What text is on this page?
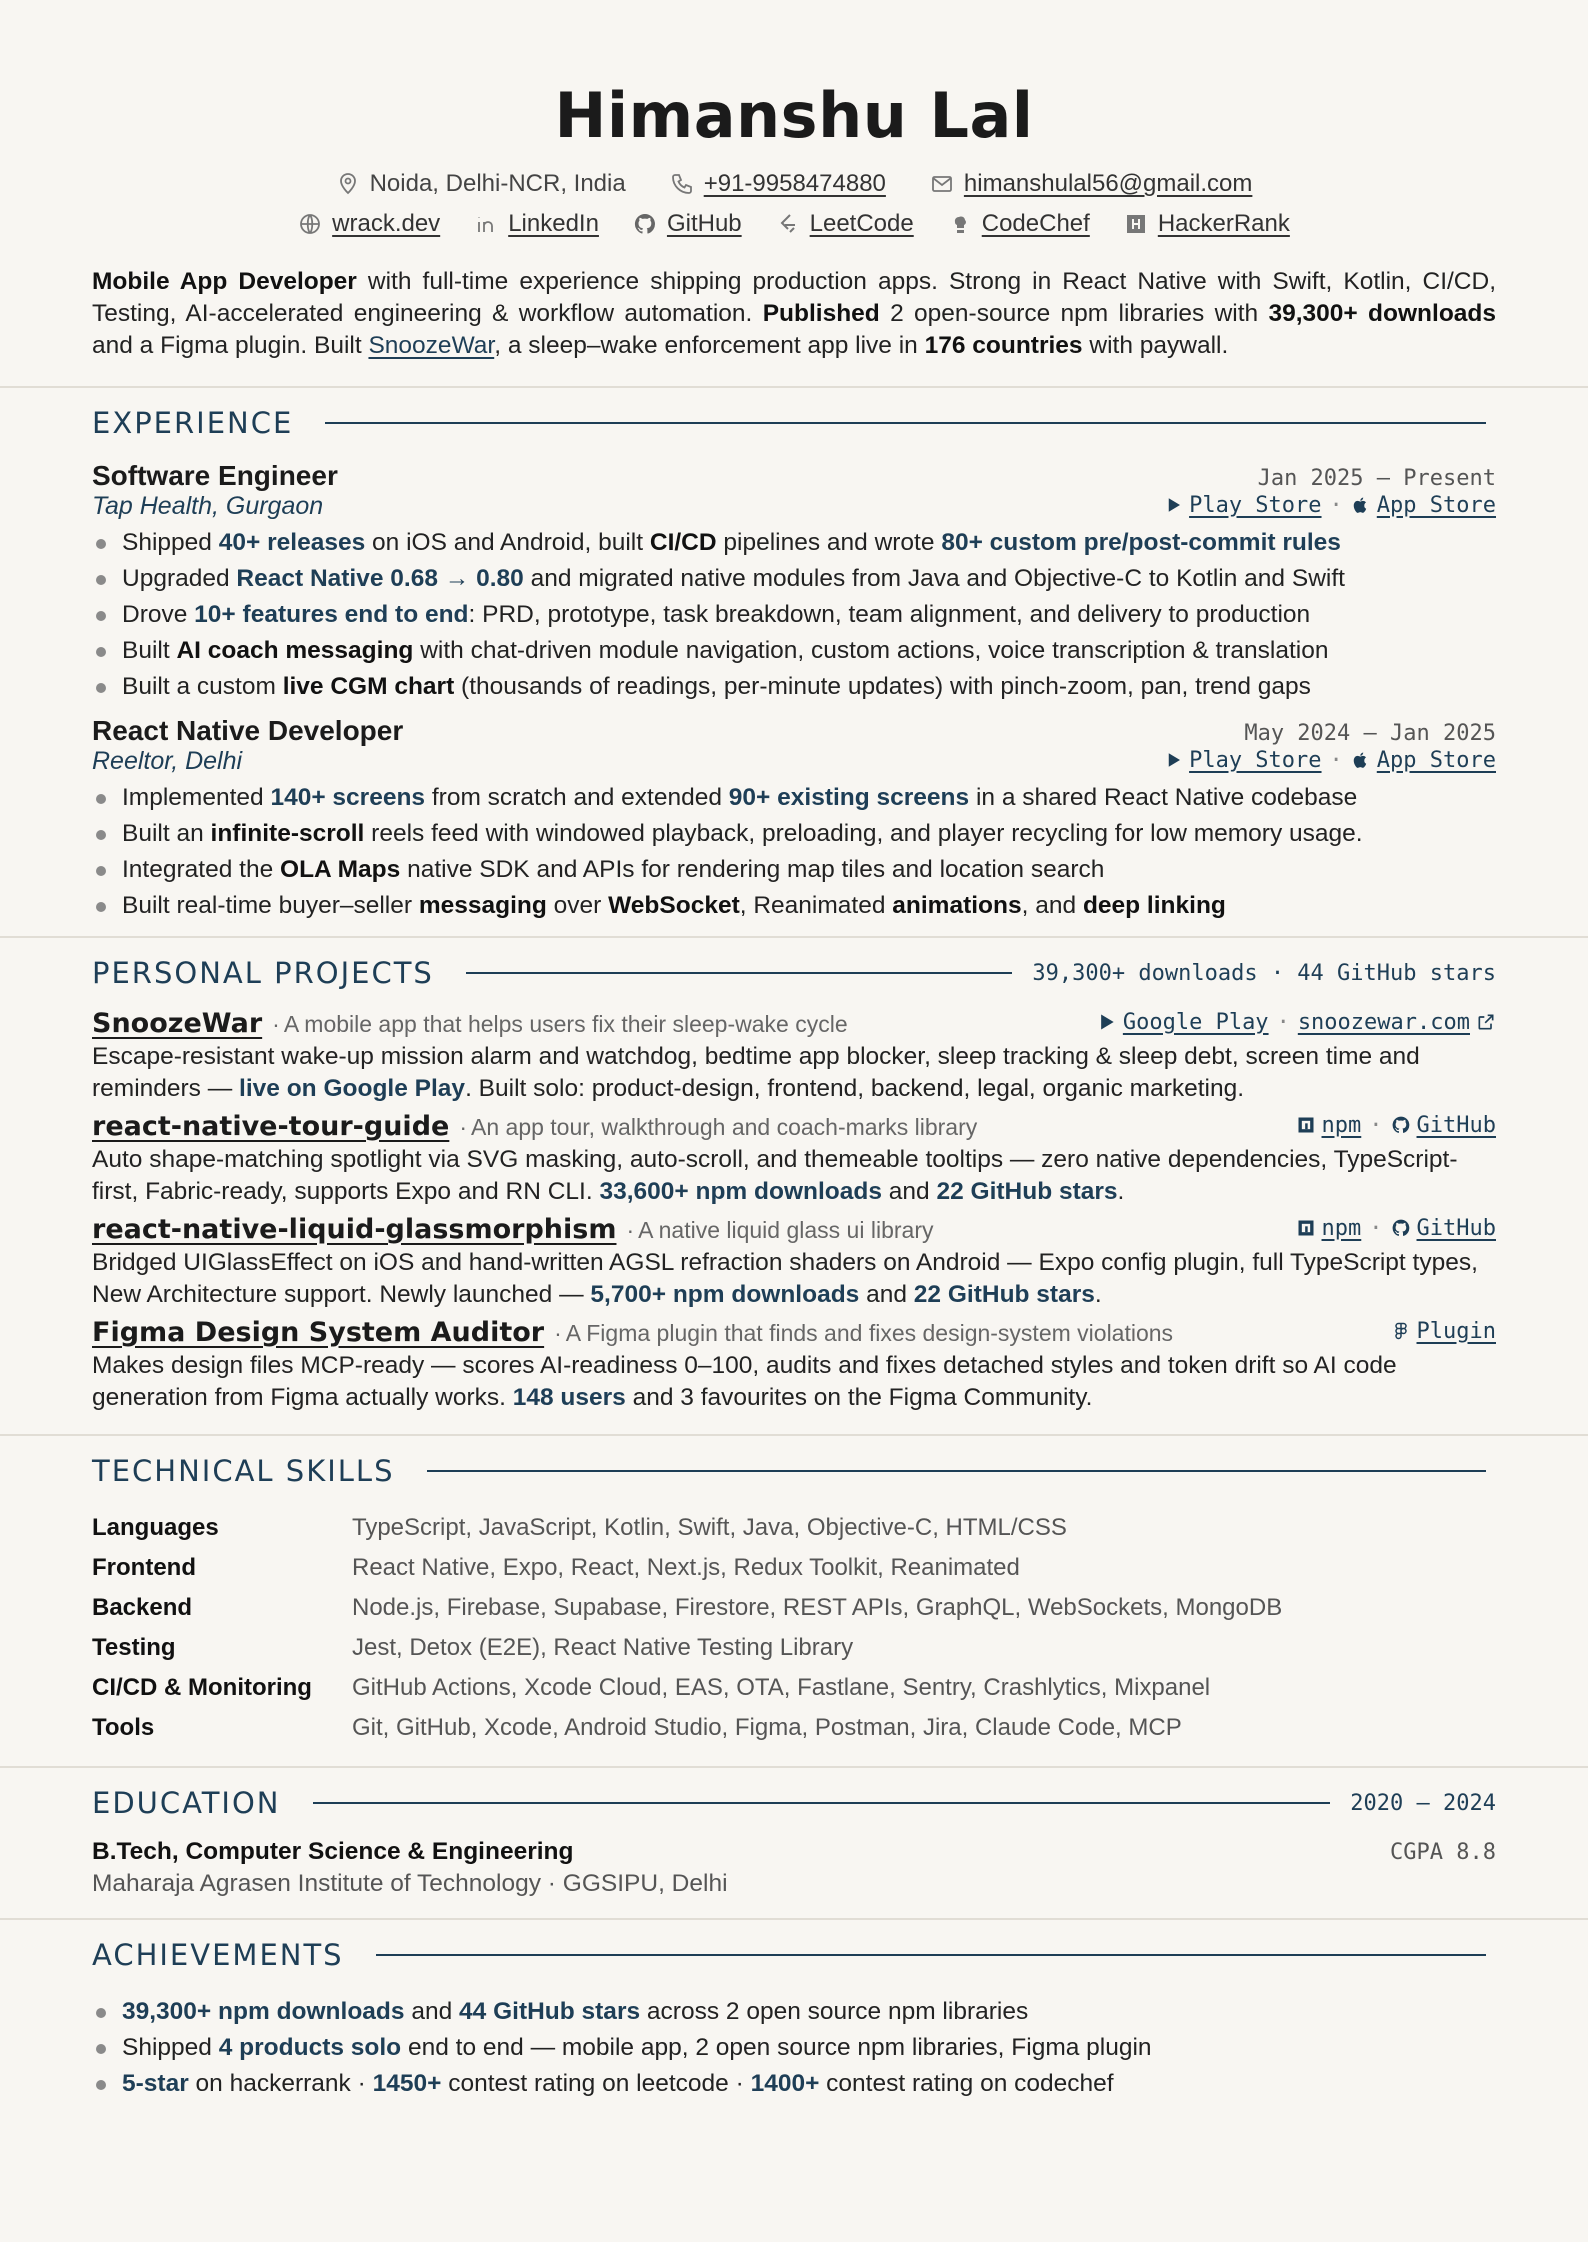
Himanshu Lal
Noida, Delhi-NCR, India	+91-9958474880	himanshulal56@gmail.com
wrack.dev	LinkedIn	GitHub	LeetCode	CodeChef	HackerRank

Mobile App Developer with full-time experience shipping production apps. Strong in React Native with Swift, Kotlin, CI/CD, Testing, AI-accelerated engineering & workflow automation. Published 2 open-source npm libraries with 39,300+ downloads and a Figma plugin. Built SnoozeWar, a sleep–wake enforcement app live in 176 countries with paywall.

EXPERIENCE
Software Engineer	Jan 2025 — Present
Tap Health, Gurgaon	Play Store · App Store
Shipped 40+ releases on iOS and Android, built CI/CD pipelines and wrote 80+ custom pre/post-commit rules
Upgraded React Native 0.68 → 0.80 and migrated native modules from Java and Objective-C to Kotlin and Swift
Drove 10+ features end to end: PRD, prototype, task breakdown, team alignment, and delivery to production
Built AI coach messaging with chat-driven module navigation, custom actions, voice transcription & translation
Built a custom live CGM chart (thousands of readings, per-minute updates) with pinch-zoom, pan, trend gaps
React Native Developer	May 2024 — Jan 2025
Reeltor, Delhi	Play Store · App Store
Implemented 140+ screens from scratch and extended 90+ existing screens in a shared React Native codebase
Built an infinite-scroll reels feed with windowed playback, preloading, and player recycling for low memory usage.
Integrated the OLA Maps native SDK and APIs for rendering map tiles and location search
Built real-time buyer–seller messaging over WebSocket, Reanimated animations, and deep linking
PERSONAL PROJECTS	39,300+ downloads · 44 GitHub stars
SnoozeWar · A mobile app that helps users fix their sleep-wake cycle	Google Play · snoozewar.com
Escape-resistant wake-up mission alarm and watchdog, bedtime app blocker, sleep tracking & sleep debt, screen time and reminders — live on Google Play. Built solo: product-design, frontend, backend, legal, organic marketing.
react-native-tour-guide · An app tour, walkthrough and coach-marks library	npm · GitHub
Auto shape-matching spotlight via SVG masking, auto-scroll, and themeable tooltips — zero native dependencies, TypeScript-first, Fabric-ready, supports Expo and RN CLI. 33,600+ npm downloads and 22 GitHub stars.
react-native-liquid-glassmorphism · A native liquid glass ui library	npm · GitHub
Bridged UIGlassEffect on iOS and hand-written AGSL refraction shaders on Android — Expo config plugin, full TypeScript types, New Architecture support. Newly launched — 5,700+ npm downloads and 22 GitHub stars.
Figma Design System Auditor · A Figma plugin that finds and fixes design-system violations	Plugin
Makes design files MCP-ready — scores AI-readiness 0–100, audits and fixes detached styles and token drift so AI code generation from Figma actually works. 148 users and 3 favourites on the Figma Community.
TECHNICAL SKILLS
Languages	TypeScript, JavaScript, Kotlin, Swift, Java, Objective-C, HTML/CSS
Frontend	React Native, Expo, React, Next.js, Redux Toolkit, Reanimated
Backend	Node.js, Firebase, Supabase, Firestore, REST APIs, GraphQL, WebSockets, MongoDB
Testing	Jest, Detox (E2E), React Native Testing Library
CI/CD & Monitoring	GitHub Actions, Xcode Cloud, EAS, OTA, Fastlane, Sentry, Crashlytics, Mixpanel
Tools	Git, GitHub, Xcode, Android Studio, Figma, Postman, Jira, Claude Code, MCP
EDUCATION	2020 — 2024
B.Tech, Computer Science & Engineering	CGPA 8.8
Maharaja Agrasen Institute of Technology · GGSIPU, Delhi
ACHIEVEMENTS
39,300+ npm downloads and 44 GitHub stars across 2 open source npm libraries
Shipped 4 products solo end to end — mobile app, 2 open source npm libraries, Figma plugin
5-star on hackerrank · 1450+ contest rating on leetcode · 1400+ contest rating on codechef
